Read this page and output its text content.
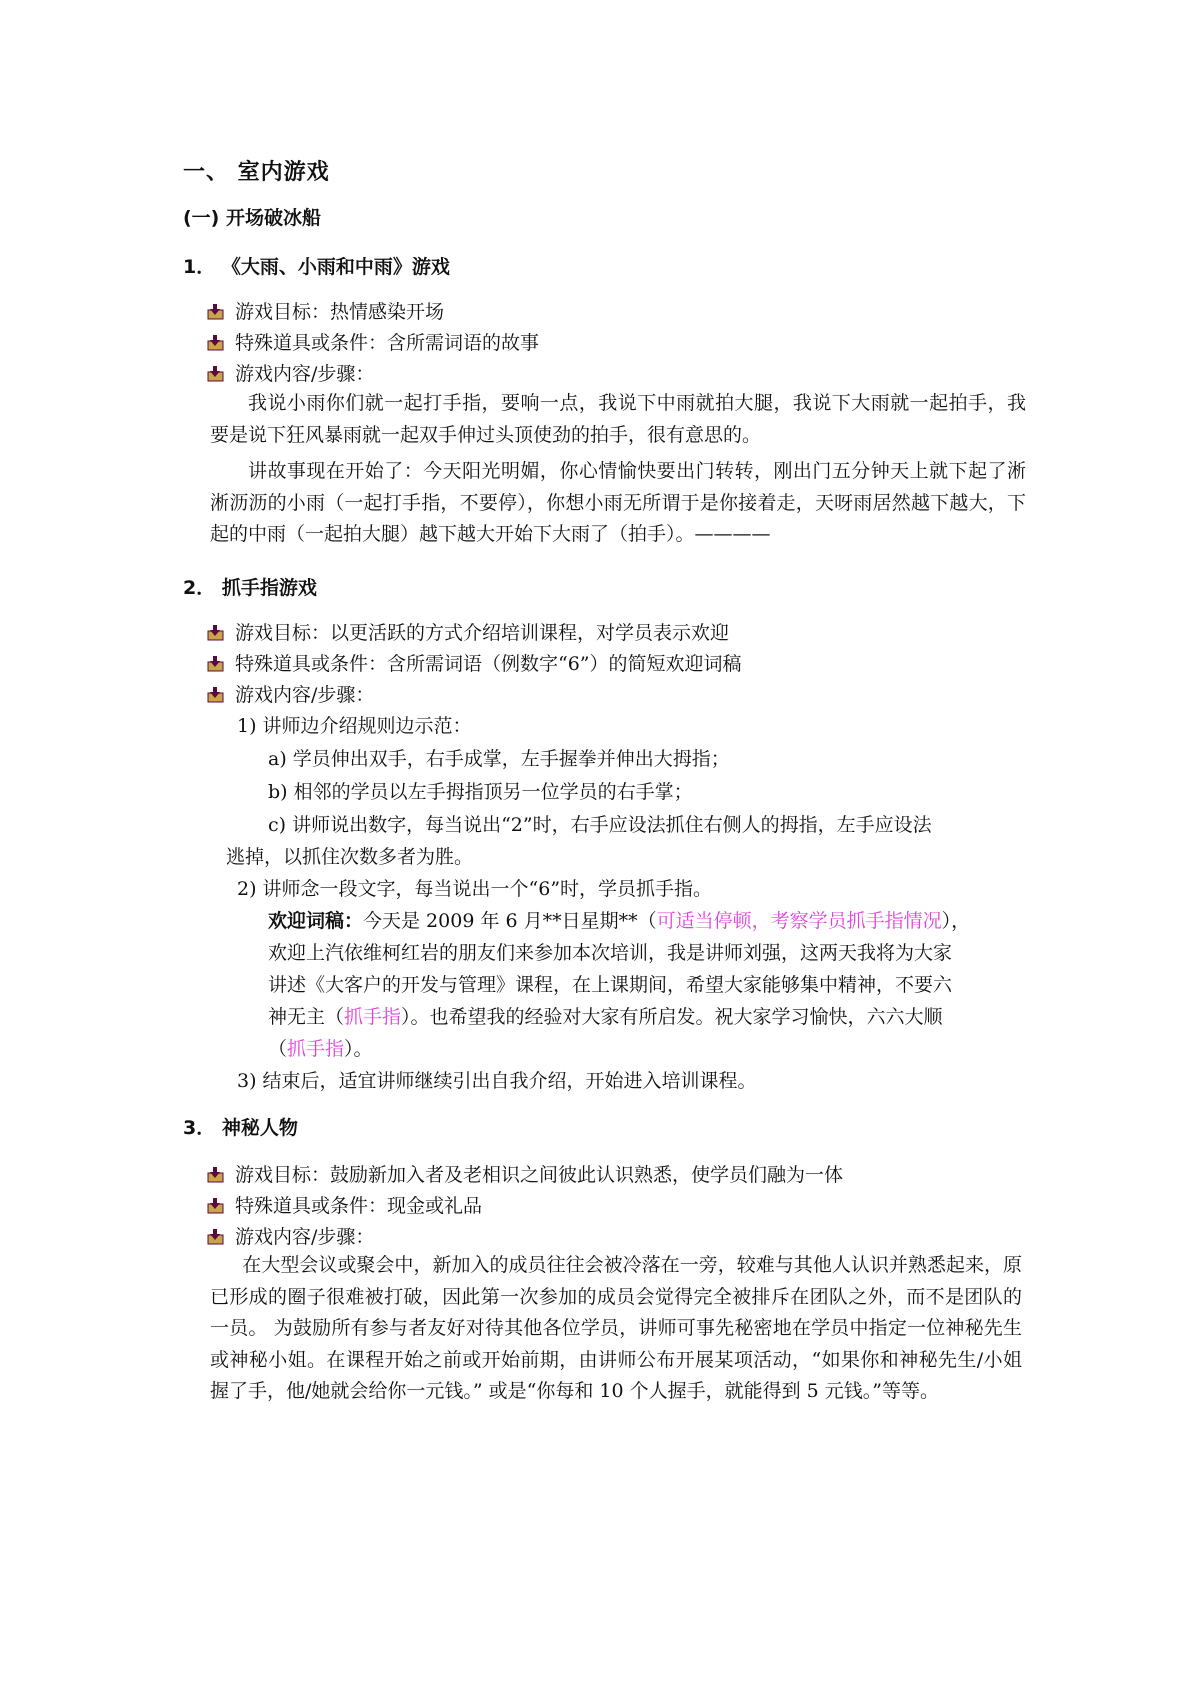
一、 室内游戏
(一) 开场破冰船
1． 《大雨、小雨和中雨》游戏
游戏目标：热情感染开场
特殊道具或条件：含所需词语的故事
游戏内容/步骤：
我说小雨你们就一起打手指，要响一点，我说下中雨就拍大腿，我说下大雨就一起拍手，我要是说下狂风暴雨就一起双手伸过头顶使劲的拍手，很有意思的。
讲故事现在开始了：今天阳光明媚，你心情愉快要出门转转，刚出门五分钟天上就下起了淅淅沥沥的小雨（一起打手指，不要停），你想小雨无所谓于是你接着走，天呀雨居然越下越大，下起的中雨（一起拍大腿）越下越大开始下大雨了（拍手）。————
2． 抓手指游戏
游戏目标：以更活跃的方式介绍培训课程，对学员表示欢迎
特殊道具或条件：含所需词语（例数字“6”）的简短欢迎词稿
游戏内容/步骤：
1) 讲师边介绍规则边示范：
a) 学员伸出双手，右手成掌，左手握拳并伸出大拇指；
b) 相邻的学员以左手拇指顶另一位学员的右手掌；
c) 讲师说出数字，每当说出“2”时，右手应设法抓住右侧人的拇指，左手应设法
逃掉，以抓住次数多者为胜。
2) 讲师念一段文字，每当说出一个“6”时，学员抓手指。
欢迎词稿：今天是 2009 年 6 月**日星期**（可适当停顿，考察学员抓手指情况），
欢迎上汽依维柯红岩的朋友们来参加本次培训，我是讲师刘强，这两天我将为大家
讲述《大客户的开发与管理》课程，在上课期间，希望大家能够集中精神，不要六
神无主（抓手指）。也希望我的经验对大家有所启发。祝大家学习愉快，六六大顺
（抓手指）。
3) 结束后，适宜讲师继续引出自我介绍，开始进入培训课程。
3． 神秘人物
游戏目标：鼓励新加入者及老相识之间彼此认识熟悉，使学员们融为一体
特殊道具或条件：现金或礼品
游戏内容/步骤：
在大型会议或聚会中，新加入的成员往往会被冷落在一旁，较难与其他人认识并熟悉起来，原已形成的圈子很难被打破，因此第一次参加的成员会觉得完全被排斥在团队之外，而不是团队的一员。 为鼓励所有参与者友好对待其他各位学员，讲师可事先秘密地在学员中指定一位神秘先生或神秘小姐。在课程开始之前或开始前期，由讲师公布开展某项活动，“如果你和神秘先生/小姐握了手，他/她就会给你一元钱。” 或是“你每和 10 个人握手，就能得到 5 元钱。”等等。
